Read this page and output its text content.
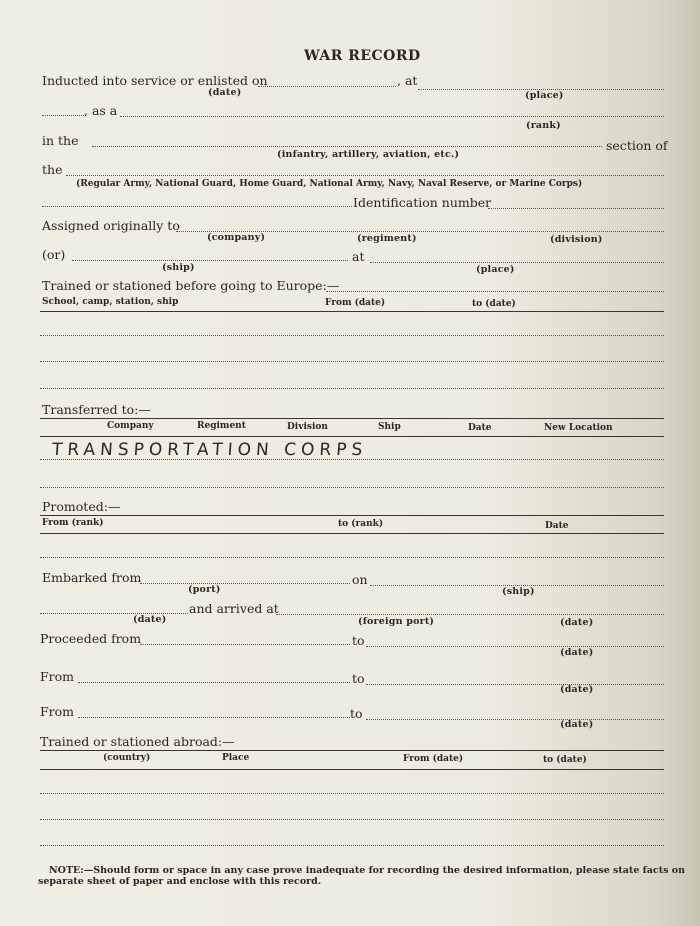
WAR RECORD
Inducted into service or enlisted on	, at
(date)	(place)
, as a
(rank)
in the	section of
(infantry, artillery, aviation, etc.)
the
(Regular Army, National Guard, Home Guard, National Army, Navy, Naval Reserve, or Marine Corps)
Identification number
Assigned originally to
(company)	(regiment)	(division)
(or)	at
(ship)	(place)
Trained or stationed before going to Europe:—
School, camp, station, ship	From (date)	to (date)
Transferred to:—
Company	Regiment	Division	Ship	Date	New Location
TRANSPORTATION CORPS
Promoted:—
From (rank)	to (rank)	Date
Embarked from	on
(port)	(ship)
and arrived at
(date)	(foreign port)	(date)
Proceeded from	to
(date)
From	to
(date)
From	to
(date)
Trained or stationed abroad:—
(country)	Place	From (date)	to (date)
NOTE:—Should form or space in any case prove inadequate for recording the desired information, please state facts on
separate sheet of paper and enclose with this record.
